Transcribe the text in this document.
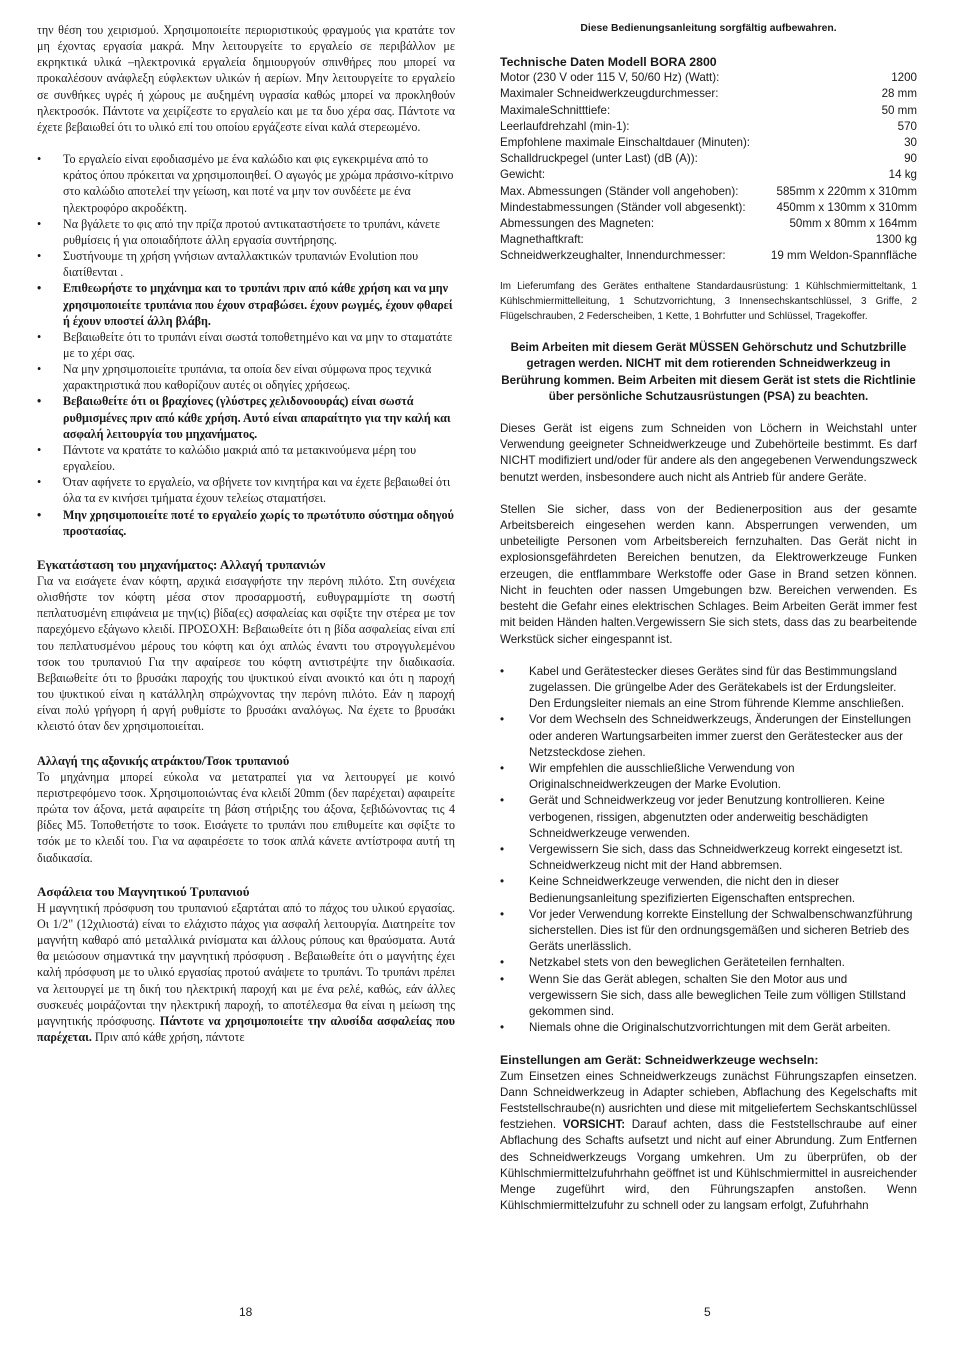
την θέση του χειρισμού. Χρησιμοποιείτε περιοριστικούς φραγμούς για κρατάτε τον μη έχοντας εργασία μακρά. Μην λειτουργείτε το εργαλείο σε περιβάλλον με εκρηκτικά υλικά –ηλεκτρονικά εργαλεία δημιουργούν σπινθήρες που μπορεί να προκαλέσουν ανάφλεξη εύφλεκτων υλικών ή αερίων. Μην λειτουργείτε το εργαλείο σε συνθήκες υγρές ή χώρους με αυξημένη υγρασία καθώς μπορεί να προκληθούν ηλεκτροσόκ. Πάντοτε να χειρίζεστε το εργαλείο και με τα δυο χέρα σας. Πάντοτε να έχετε βεβαιωθεί ότι το υλικό επί του οποίου εργάζεστε είναι καλά στερεωμένο.

• Το εργαλείο είναι εφοδιασμένο με ένα καλώδιο και φις εγκεκριμένα από το κράτος όπου πρόκειται να χρησιμοποιηθεί. Ο αγωγός με χρώμα πράσινο-κίτρινο στο καλώδιο αποτελεί την γείωση, και ποτέ να μην τον συνδέετε με ένα ηλεκτροφόρο ακροδέκτη.
• Να βγάλετε το φις από την πρίζα προτού αντικαταστήσετε το τρυπάνι, κάνετε ρυθμίσεις ή για οποιαδήποτε άλλη εργασία συντήρησης.
• Συστήνουμε τη χρήση γνήσιων ανταλλακτικών τρυπανιών Evolution που διατίθενται .
• Επιθεωρήστε το μηχάνημα και το τρυπάνι πριν από κάθε χρήση και να μην χρησιμοποιείτε τρυπάνια που έχουν στραβώσει. έχουν ρωγμές, έχουν φθαρεί ή έχουν υποστεί άλλη βλάβη.
• Βεβαιωθείτε ότι το τρυπάνι είναι σωστά τοποθετημένο και να μην το σταματάτε με το χέρι σας.
• Να μην χρησιμοποιείτε τρυπάνια, τα οποία δεν είναι σύμφωνα προς τεχνικά χαρακτηριστικά που καθορίζουν αυτές οι οδηγίες χρήσεως.
• Βεβαιωθείτε ότι οι βραχίονες (γλύστρες χελιδονοουράς) είναι σωστά ρυθμισμένες πριν από κάθε χρήση. Αυτό είναι απαραίτητο για την καλή και ασφαλή λειτουργία του μηχανήματος.
• Πάντοτε να κρατάτε το καλώδιο μακριά από τα μετακινούμενα μέρη του εργαλείου.
• Όταν αφήνετε το εργαλείο, να σβήνετε τον κινητήρα και να έχετε βεβαιωθεί ότι όλα τα εν κινήσει τμήματα έχουν τελείως σταματήσει.
• Μην χρησιμοποιείτε ποτέ το εργαλείο χωρίς το πρωτότυπο σύστημα οδηγού προστασίας.

Εγκατάσταση του μηχανήματος: Αλλαγή τρυπανιών

Για να εισάγετε έναν κόφτη, αρχικά εισαγφήστε την περόνη πιλότο. Στη συνέχεια ολισθήστε τον κόφτη μέσα στον προσαρμοστή, ευθυγραμμίστε τη σωστή πεπλατυσμένη επιφάνεια με την(ις) βίδα(ες) ασφαλείας και σφίξτε την στέρεα με τον παρεχόμενο εξάγωνο κλειδί. ΠΡΟΣΟΧΗ: Βεβαιωθείτε ότι η βίδα ασφαλείας είναι επί του πεπλατυσμένου μέρους του κόφτη και όχι απλώς έναντι του στρογγυλεμένου τσοκ του τρυπανιού Για την αφαίρεσε του κόφτη αντιστρέψτε την διαδικασία. Βεβαιωθείτε ότι το βρυσάκι παροχής του ψυκτικού είναι ανοικτό και ότι η παροχή του ψυκτικού είναι η κατάλληλη σπρώχνοντας την περόνη πιλότο. Εάν η παροχή είναι πολύ γρήγορη ή αργή ρυθμίστε το βρυσάκι αναλόγως. Να έχετε το βρυσάκι κλειστό όταν δεν χρησιμοποιείται.

Αλλαγή της αξονικής ατράκτου/Τσοκ τρυπανιού

Το μηχάνημα μπορεί εύκολα να μετατραπεί για να λειτουργεί με κοινό περιστρεφόμενο τσοκ. Χρησιμοποιώντας ένα κλειδί 20mm (δεν παρέχεται) αφαιρείτε πρώτα τον άξονα, μετά αφαιρείτε τη βάση στήριξης του άξονα, ξεβιδώνοντας τις 4 βίδες M5. Τοποθετήστε το τσοκ. Εισάγετε το τρυπάνι που επιθυμείτε και σφίξτε το τσόκ με το κλειδί του. Για να αφαιρέσετε το τσοκ απλά κάνετε αντίστροφα αυτή τη διαδικασία.

Ασφάλεια του Μαγνητικού Τρυπανιού

Η μαγνητική πρόσφυση του τρυπανιού εξαρτάται από το πάχος του υλικού εργασίας. Οι 1/2" (12χιλιοστά) είναι το ελάχιστο πάχος για ασφαλή λειτουργία. Διατηρείτε τον μαγνήτη καθαρό από μεταλλικά ρινίσματα και άλλους ρύπους και θραύσματα. Αυτά θα μειώσουν σημαντικά την μαγνητική πρόσφυση . Βεβαιωθείτε ότι ο μαγνήτης έχει καλή πρόσφυση με το υλικό εργασίας προτού ανάψετε το τρυπάνι. Το τρυπάνι πρέπει να λειτουργεί με τη δική του ηλεκτρική παροχή και με ένα ρελέ, καθώς, εάν άλλες συσκευές μοιράζονται την ηλεκτρική παροχή, το αποτέλεσμα θα είναι η μείωση της μαγνητικής πρόσφυσης. Πάντοτε να χρησιμοποιείτε την αλυσίδα ασφαλείας που παρέχεται. Πριν από κάθε χρήση, πάντοτε

Diese Bedienungsanleitung sorgfältig aufbewahren.

Technische Daten Modell BORA 2800

Motor (230 V oder 115 V, 50/60 Hz) (Watt):	1200
Maximaler Schneidwerkzeugdurchmesser:	28 mm
MaximaleSchnitttiefe:	50 mm
Leerlaufdrehzahl (min-1):	570
Empfohlene maximale Einschaltdauer (Minuten):	30
Schalldruckpegel (unter Last) (dB (A)):	90
Gewicht:	14 kg
Max. Abmessungen (Ständer voll angehoben):	585mm x 220mm x 310mm
Mindestabmessungen (Ständer voll abgesenkt):	450mm x 130mm x 310mm
Abmessungen des Magneten:	50mm x 80mm x 164mm
Magnethaftkraft:	1300 kg
Schneidwerkzeughalter, Innendurchmesser:	19 mm Weldon-Spannfläche

Im Lieferumfang des Gerätes enthaltene Standardausrüstung: 1 Kühlschmiermitteltank, 1 Kühlschmiermittelleitung, 1 Schutzvorrichtung, 3 Innensechskantschlüssel, 3 Griffe, 2 Flügelschrauben, 2 Federscheiben, 1 Kette, 1 Bohrfutter und Schlüssel, Tragekoffer.

Beim Arbeiten mit diesem Gerät MÜSSEN Gehörschutz und Schutzbrille getragen werden. NICHT mit dem rotierenden Schneidwerkzeug in Berührung kommen. Beim Arbeiten mit diesem Gerät ist stets die Richtlinie über persönliche Schutzausrüstungen (PSA) zu beachten.

Dieses Gerät ist eigens zum Schneiden von Löchern in Weichstahl unter Verwendung geeigneter Schneidwerkzeuge und Zubehörteile bestimmt. Es darf NICHT modifiziert und/oder für andere als den angegebenen Verwendungszweck benutzt werden, insbesondere auch nicht als Antrieb für andere Geräte.

Stellen Sie sicher, dass von der Bedienerposition aus der gesamte Arbeitsbereich eingesehen werden kann. Absperrungen verwenden, um unbeteiligte Personen vom Arbeitsbereich fernzuhalten. Das Gerät nicht in explosionsgefährdeten Bereichen benutzen, da Elektrowerkzeuge Funken erzeugen, die entflammbare Werkstoffe oder Gase in Brand setzen können. Nicht in feuchten oder nassen Umgebungen bzw. Bereichen verwenden. Es besteht die Gefahr eines elektrischen Schlages. Beim Arbeiten Gerät immer fest mit beiden Händen halten.Vergewissern Sie sich stets, dass das zu bearbeitende Werkstück sicher eingespannt ist.

• Kabel und Gerätestecker dieses Gerätes sind für das Bestimmungsland zugelassen. Die grüngelbe Ader des Gerätekabels ist der Erdungsleiter. Den Erdungsleiter niemals an eine Strom führende Klemme anschließen.
• Vor dem Wechseln des Schneidwerkzeugs, Änderungen der Einstellungen oder anderen Wartungsarbeiten immer zuerst den Gerätestecker aus der Netzsteckdose ziehen.
• Wir empfehlen die ausschließliche Verwendung von Originalschneidwerkzeugen der Marke Evolution.
• Gerät und Schneidwerkzeug vor jeder Benutzung kontrollieren. Keine verbogenen, rissigen, abgenutzten oder anderweitig beschädigten Schneidwerkzeuge verwenden.
• Vergewissern Sie sich, dass das Schneidwerkzeug korrekt eingesetzt ist. Schneidwerkzeug nicht mit der Hand abbremsen.
• Keine Schneidwerkzeuge verwenden, die nicht den in dieser Bedienungsanleitung spezifizierten Eigenschaften entsprechen.
• Vor jeder Verwendung korrekte Einstellung der Schwalbenschwanzführung sicherstellen. Dies ist für den ordnungsgemäßen und sicheren Betrieb des Geräts unerlässlich.
• Netzkabel stets von den beweglichen Geräteteilen fernhalten.
• Wenn Sie das Gerät ablegen, schalten Sie den Motor aus und vergewissern Sie sich, dass alle beweglichen Teile zum völligen Stillstand gekommen sind.
• Niemals ohne die Originalschutzvorrichtungen mit dem Gerät arbeiten.

Einstellungen am Gerät: Schneidwerkzeuge wechseln:

Zum Einsetzen eines Schneidwerkzeugs zunächst Führungszapfen einsetzen. Dann Schneidwerkzeug in Adapter schieben, Abflachung des Kegelschafts mit Feststellschraube(n) ausrichten und diese mit mitgeliefertem Sechskantschlüssel festziehen. VORSICHT: Darauf achten, dass die Feststellschraube auf einer Abflachung des Schafts aufsetzt und nicht auf einer Abrundung. Zum Entfernen des Schneidwerkzeugs Vorgang umkehren. Um zu überprüfen, ob der Kühlschmiermittelzufuhrhahn geöffnet ist und Kühlschmiermittel in ausreichender Menge zugeführt wird, den Führungszapfen anstoßen. Wenn Kühlschmiermittelzufuhr zu schnell oder zu langsam erfolgt, Zufuhrhahn

18	5
